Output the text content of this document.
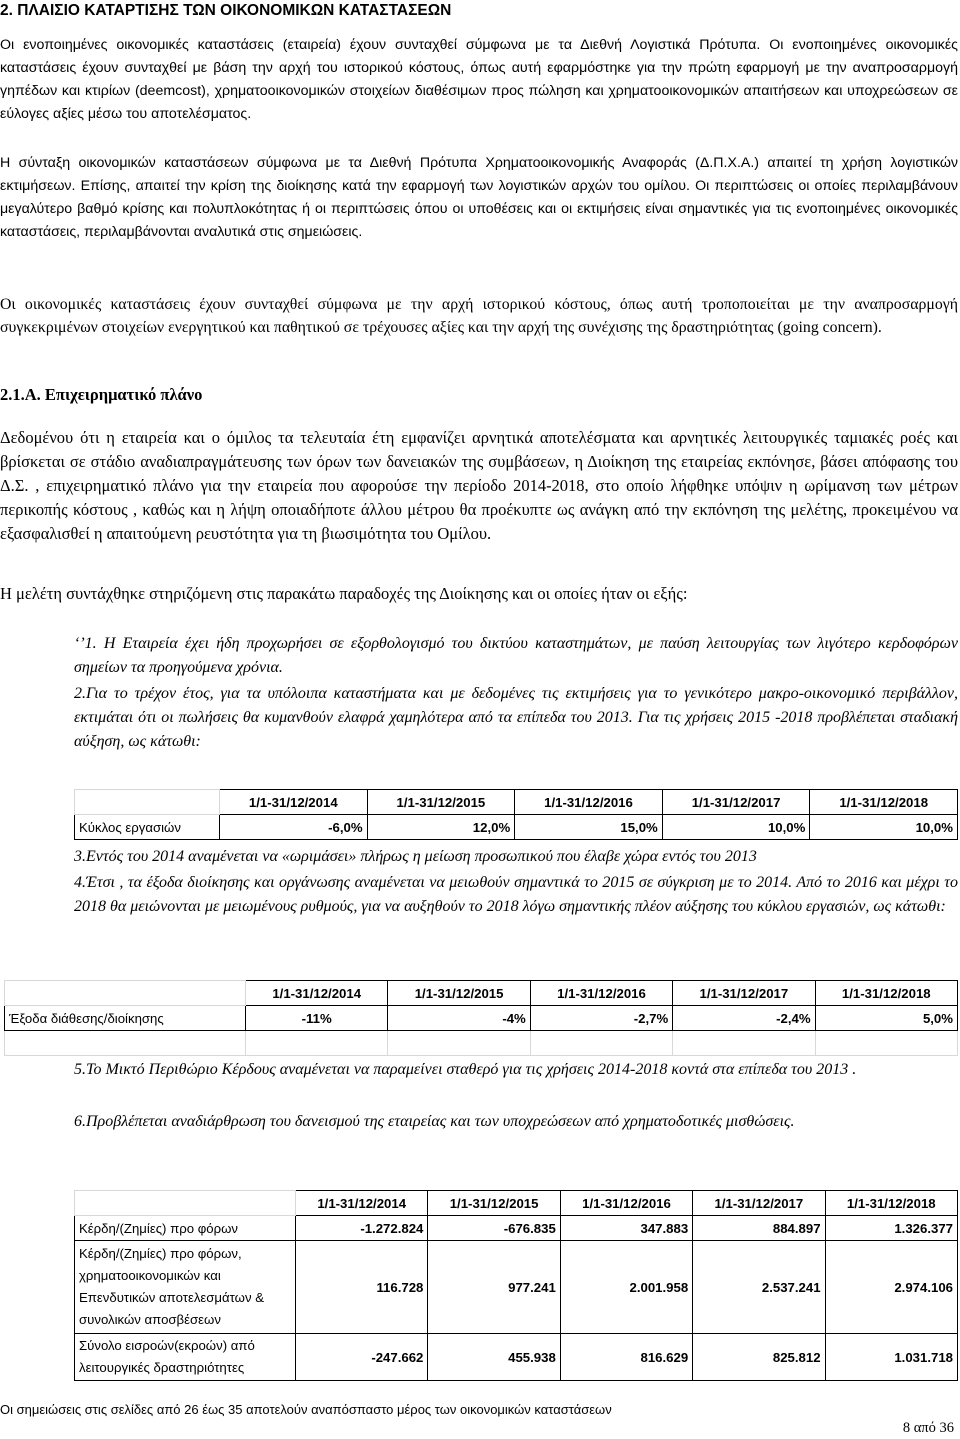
2. ΠΛΑΙΣΙΟ ΚΑΤΑΡΤΙΣΗΣ ΤΩΝ ΟΙΚΟΝΟΜΙΚΩΝ ΚΑΤΑΣΤΑΣΕΩΝ

Οι ενοποιημένες οικονομικές καταστάσεις (εταιρεία) έχουν συνταχθεί σύμφωνα με τα Διεθνή Λογιστικά Πρότυπα. Οι ενοποιημένες οικονομικές καταστάσεις έχουν συνταχθεί με βάση την αρχή του ιστορικού κόστους, όπως αυτή εφαρμόστηκε για την πρώτη εφαρμογή με την αναπροσαρμογή γηπέδων και κτιρίων (deemcost), χρηματοοικονομικών στοιχείων διαθέσιμων προς πώληση και χρηματοοικονομικών απαιτήσεων και υποχρεώσεων σε εύλογες αξίες μέσω του αποτελέσματος.

Η σύνταξη οικονομικών καταστάσεων σύμφωνα με τα Διεθνή Πρότυπα Χρηματοοικονομικής Αναφοράς (Δ.Π.Χ.Α.) απαιτεί τη χρήση λογιστικών εκτιμήσεων. Επίσης, απαιτεί την κρίση της διοίκησης κατά την εφαρμογή των λογιστικών αρχών του ομίλου. Οι περιπτώσεις οι οποίες περιλαμβάνουν μεγαλύτερο βαθμό κρίσης και πολυπλοκότητας ή οι περιπτώσεις όπου οι υποθέσεις και οι εκτιμήσεις είναι σημαντικές για τις ενοποιημένες οικονομικές καταστάσεις, περιλαμβάνονται αναλυτικά στις σημειώσεις.

Οι οικονομικές καταστάσεις έχουν συνταχθεί σύμφωνα με την αρχή ιστορικού κόστους, όπως αυτή τροποποιείται με την αναπροσαρμογή συγκεκριμένων στοιχείων ενεργητικού και παθητικού σε τρέχουσες αξίες και την αρχή της συνέχισης της δραστηριότητας (going concern).

2.1.Α. Επιχειρηματικό πλάνο

Δεδομένου ότι η εταιρεία και ο όμιλος τα τελευταία έτη εμφανίζει αρνητικά αποτελέσματα και αρνητικές λειτουργικές ταμιακές ροές και βρίσκεται σε στάδιο αναδιαπραγμάτευσης των όρων των δανειακών της συμβάσεων, η Διοίκηση της εταιρείας εκπόνησε, βάσει απόφασης του Δ.Σ. , επιχειρηματικό πλάνο για την εταιρεία που αφορούσε την περίοδο 2014-2018, στο οποίο λήφθηκε υπόψιν η ωρίμανση των μέτρων περικοπής κόστους , καθώς και η λήψη οποιαδήποτε άλλου μέτρου θα προέκυπτε ως ανάγκη από την εκπόνηση της μελέτης, προκειμένου να εξασφαλισθεί η απαιτούμενη ρευστότητα για τη βιωσιμότητα του Ομίλου.

Η μελέτη συντάχθηκε στηριζόμενη στις παρακάτω παραδοχές της Διοίκησης και οι οποίες ήταν οι εξής:

‘’1. Η Εταιρεία έχει ήδη προχωρήσει σε εξορθολογισμό του δικτύου καταστημάτων, με παύση λειτουργίας των λιγότερο κερδοφόρων σημείων τα προηγούμενα χρόνια.

2.Για το τρέχον έτος, για τα υπόλοιπα καταστήματα και με δεδομένες τις εκτιμήσεις για το γενικότερο μακρο-οικονομικό περιβάλλον, εκτιμάται ότι οι πωλήσεις θα κυμανθούν ελαφρά χαμηλότερα από τα επίπεδα του 2013. Για τις χρήσεις 2015 -2018 προβλέπεται σταδιακή αύξηση, ως κάτωθι:

	1/1-31/12/2014	1/1-31/12/2015	1/1-31/12/2016	1/1-31/12/2017	1/1-31/12/2018
Κύκλος εργασιών	-6,0%	12,0%	15,0%	10,0%	10,0%

3.Εντός του 2014 αναμένεται να «ωριμάσει» πλήρως η μείωση προσωπικού που έλαβε χώρα εντός του 2013

4.Έτσι , τα έξοδα διοίκησης και οργάνωσης αναμένεται να μειωθούν σημαντικά το 2015 σε σύγκριση με το 2014. Από το 2016 και μέχρι το 2018 θα μειώνονται με μειωμένους ρυθμούς, για να αυξηθούν το 2018 λόγω σημαντικής πλέον αύξησης του κύκλου εργασιών, ως κάτωθι:

	1/1-31/12/2014	1/1-31/12/2015	1/1-31/12/2016	1/1-31/12/2017	1/1-31/12/2018
Έξοδα διάθεσης/διοίκησης	-11%	-4%	-2,7%	-2,4%	5,0%

5.Το Μικτό Περιθώριο Κέρδους αναμένεται να παραμείνει σταθερό για τις χρήσεις 2014-2018 κοντά στα επίπεδα του 2013 .

6.Προβλέπεται αναδιάρθρωση του δανεισμού της εταιρείας και των υποχρεώσεων από χρηματοδοτικές μισθώσεις.

	1/1-31/12/2014	1/1-31/12/2015	1/1-31/12/2016	1/1-31/12/2017	1/1-31/12/2018
Κέρδη/(Ζημίες) προ φόρων	-1.272.824	-676.835	347.883	884.897	1.326.377
Κέρδη/(Ζημίες) προ φόρων, χρηματοοικονομικών και Επενδυτικών αποτελεσμάτων & συνολικών αποσβέσεων	116.728	977.241	2.001.958	2.537.241	2.974.106
Σύνολο εισροών(εκροών) από λειτουργικές δραστηριότητες	-247.662	455.938	816.629	825.812	1.031.718

Οι σημειώσεις στις σελίδες από 26 έως 35 αποτελούν αναπόσπαστο μέρος των οικονομικών καταστάσεων

8 από 36
